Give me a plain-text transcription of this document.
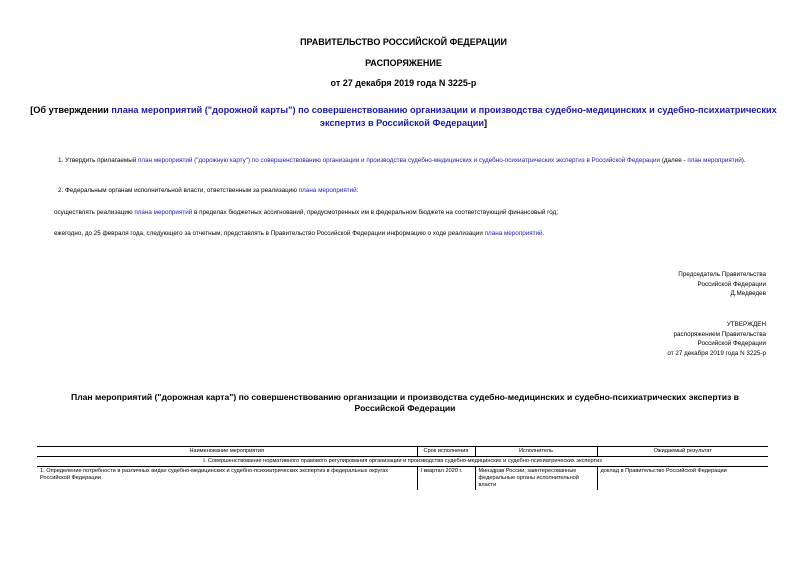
ПРАВИТЕЛЬСТВО РОССИЙСКОЙ ФЕДЕРАЦИИ
РАСПОРЯЖЕНИЕ
от 27 декабря 2019 года N 3225-р
[Об утверждении плана мероприятий ("дорожной карты") по совершенствованию организации и производства судебно-медицинских и судебно-психиатрических
экспертиз в Российской Федерации]
1. Утвердить прилагаемый план мероприятий ("дорожную карту") по совершенствованию организации и производства судебно-медицинских и судебно-психиатрических экспертиз в Российской Федерации (далее - план мероприятий).
2. Федеральным органам исполнительной власти, ответственным за реализацию плана мероприятий:
осуществлять реализацию плана мероприятий в пределах бюджетных ассигнований, предусмотренных им в федеральном бюджете на соответствующий финансовый год;
ежегодно, до 25 февраля года, следующего за отчетным, представлять в Правительство Российской Федерации информацию о ходе реализации плана мероприятий.
Председатель Правительства
Российской Федерации
Д.Медведев
УТВЕРЖДЕН
распоряжением Правительства
Российской Федерации
от 27 декабря 2019 года N 3225-р
План мероприятий ("дорожная карта") по совершенствованию организации и производства судебно-медицинских и судебно-психиатрических экспертиз в Российской Федерации
Наименование мероприятия	Срок исполнения	Исполнитель	Ожидаемый результат
I. Совершенствование нормативного правового регулирования организации и производства судебно-медицинских и судебно-психиатрических экспертиз			
1. Определение потребности в различных видах судебно-медицинских и судебно-психиатрических экспертиз в федеральных округах Российской Федерации	I квартал 2020 г.	Минздрав России, заинтересованные федеральные органы исполнительной власти	доклад в Правительство Российской Федерации
